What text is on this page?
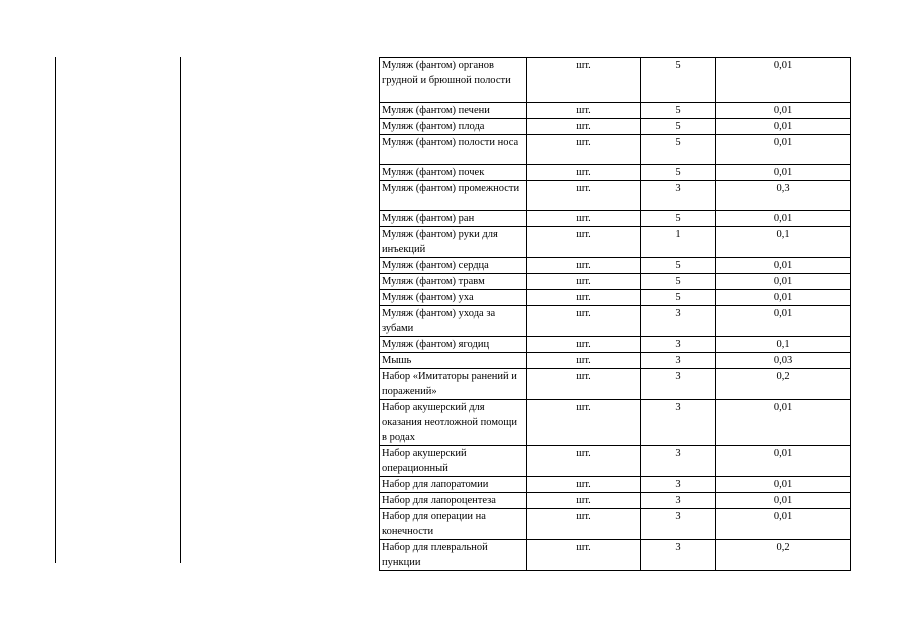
Муляж (фантом) органов грудной и брюшной полости	шт.	5	0,01
Муляж (фантом) печени	шт.	5	0,01
Муляж (фантом) плода	шт.	5	0,01
Муляж (фантом) полости носа	шт.	5	0,01
Муляж (фантом) почек	шт.	5	0,01
Муляж (фантом) промежности	шт.	3	0,3
Муляж (фантом) ран	шт.	5	0,01
Муляж (фантом) руки для инъекций	шт.	1	0,1
Муляж (фантом) сердца	шт.	5	0,01
Муляж (фантом) травм	шт.	5	0,01
Муляж (фантом) уха	шт.	5	0,01
Муляж (фантом) ухода за зубами	шт.	3	0,01
Муляж (фантом) ягодиц	шт.	3	0,1
Мышь	шт.	3	0,03
Набор «Имитаторы ранений и поражений»	шт.	3	0,2
Набор акушерский для оказания неотложной помощи в родах	шт.	3	0,01
Набор акушерский операционный	шт.	3	0,01
Набор для лапоратомии	шт.	3	0,01
Набор для лапороцентеза	шт.	3	0,01
Набор для операции на конечности	шт.	3	0,01
Набор для плевральной пункции	шт.	3	0,2
